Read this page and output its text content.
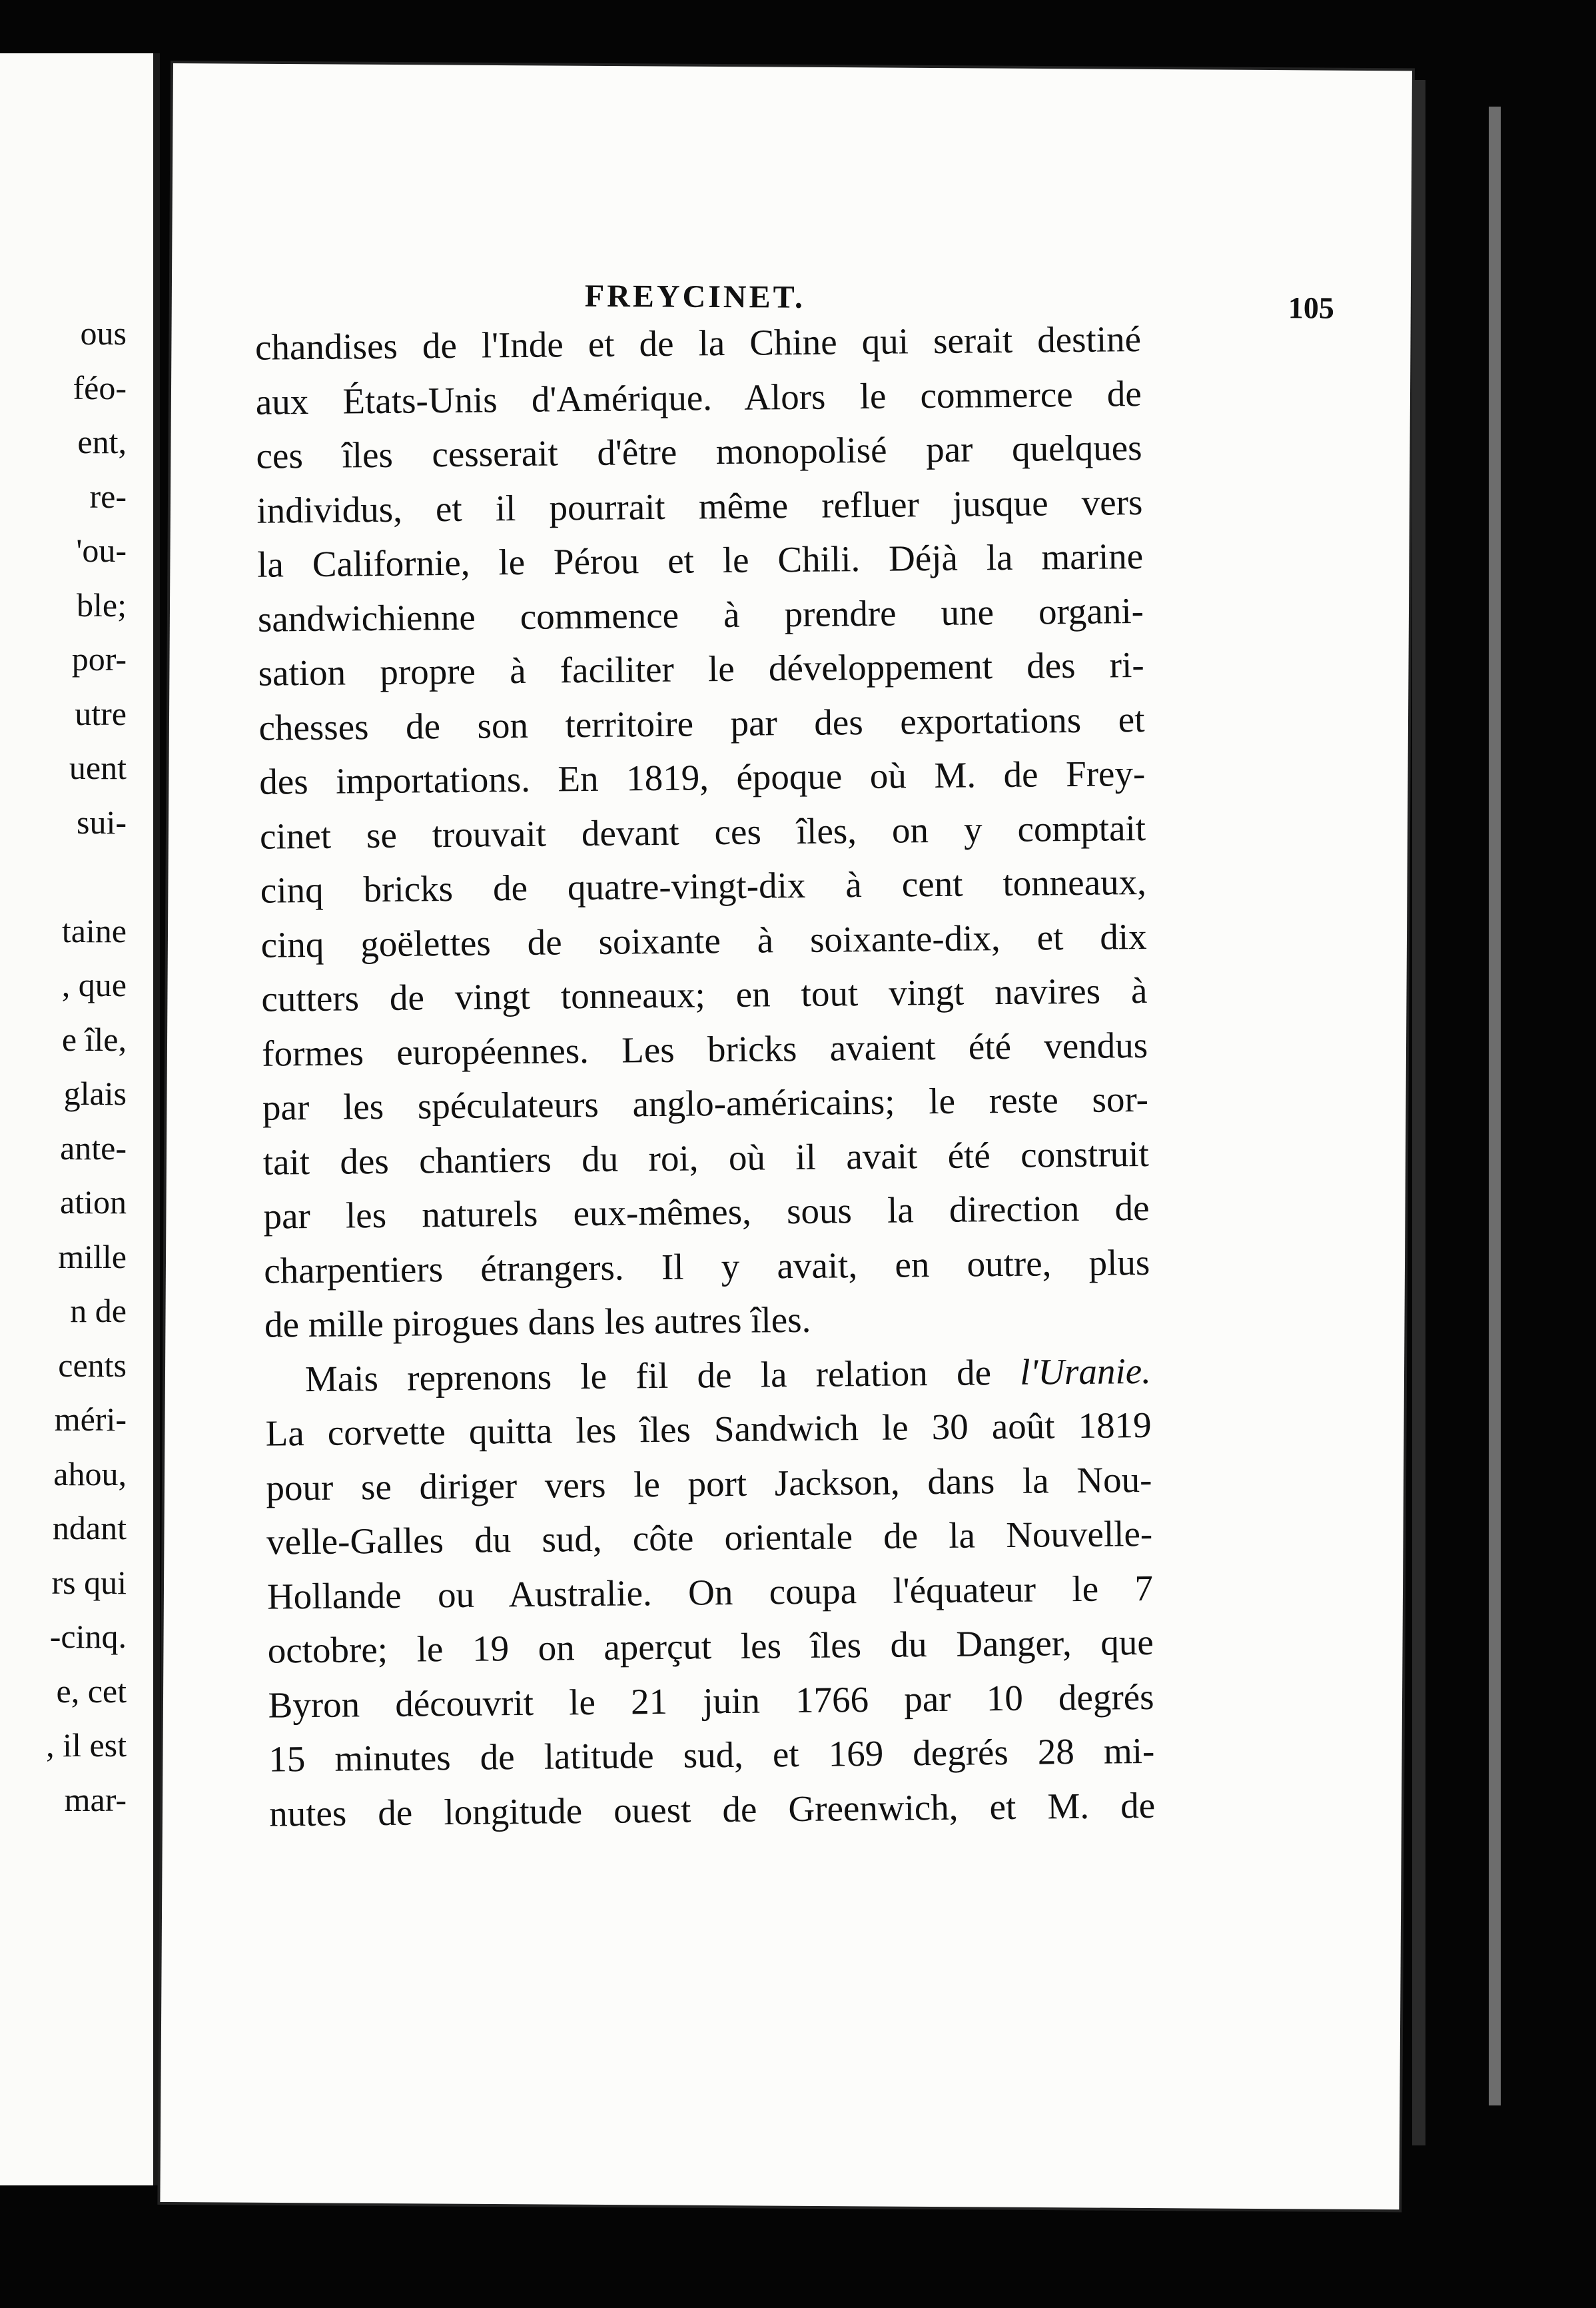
ous
féo-
ent,
re-
'ou-
ble;
por-
utre
uent
sui-
taine
, que
e île,
glais
ante-
ation
mille
n de
cents
méri-
ahou,
ndant
rs qui
-cinq.
e, cet
, il est
mar-
FREYCINET.	105

chandises de l'Inde et de la Chine qui serait destiné
aux États-Unis d'Amérique. Alors le commerce de
ces îles cesserait d'être monopolisé par quelques
individus, et il pourrait même refluer jusque vers
la Californie, le Pérou et le Chili. Déjà la marine
sandwichienne commence à prendre une organi-
sation propre à faciliter le développement des ri-
chesses de son territoire par des exportations et
des importations. En 1819, époque où M. de Frey-
cinet se trouvait devant ces îles, on y comptait
cinq bricks de quatre-vingt-dix à cent tonneaux,
cinq goëlettes de soixante à soixante-dix, et dix
cutters de vingt tonneaux; en tout vingt navires à
formes européennes. Les bricks avaient été vendus
par les spéculateurs anglo-américains; le reste sor-
tait des chantiers du roi, où il avait été construit
par les naturels eux-mêmes, sous la direction de
charpentiers étrangers. Il y avait, en outre, plus
de mille pirogues dans les autres îles.

Mais reprenons le fil de la relation de l'Uranie.
La corvette quitta les îles Sandwich le 30 août 1819
pour se diriger vers le port Jackson, dans la Nou-
velle-Galles du sud, côte orientale de la Nouvelle-
Hollande ou Australie. On coupa l'équateur le 7
octobre; le 19 on aperçut les îles du Danger, que
Byron découvrit le 21 juin 1766 par 10 degrés
15 minutes de latitude sud, et 169 degrés 28 mi-
nutes de longitude ouest de Greenwich, et M. de
